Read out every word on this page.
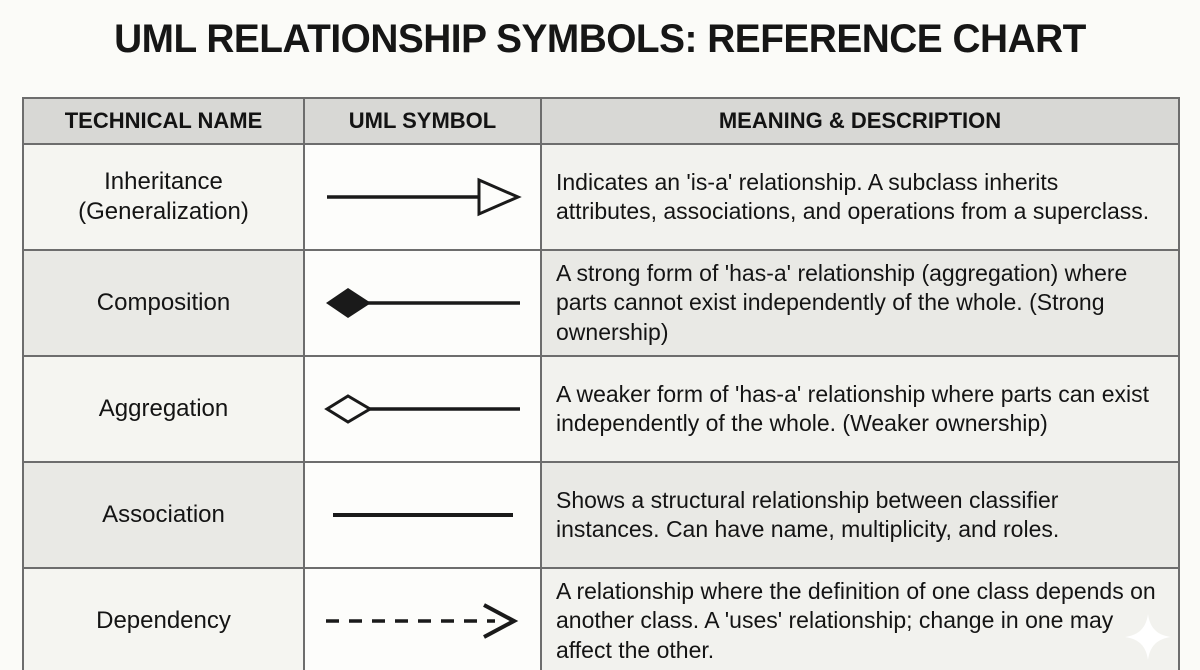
UML RELATIONSHIP SYMBOLS: REFERENCE CHART
TECHNICAL NAME	UML SYMBOL	MEANING & DESCRIPTION
Inheritance (Generalization)		Indicates an 'is-a' relationship. A subclass inherits attributes, associations, and operations from a superclass.
Composition		A strong form of 'has-a' relationship (aggregation) where parts cannot exist independently of the whole. (Strong ownership)
Aggregation		A weaker form of 'has-a' relationship where parts can exist independently of the whole. (Weaker ownership)
Association		Shows a structural relationship between classifier instances. Can have name, multiplicity, and roles.
Dependency		A relationship where the definition of one class depends on another class. A 'uses' relationship; change in one may affect the other.
